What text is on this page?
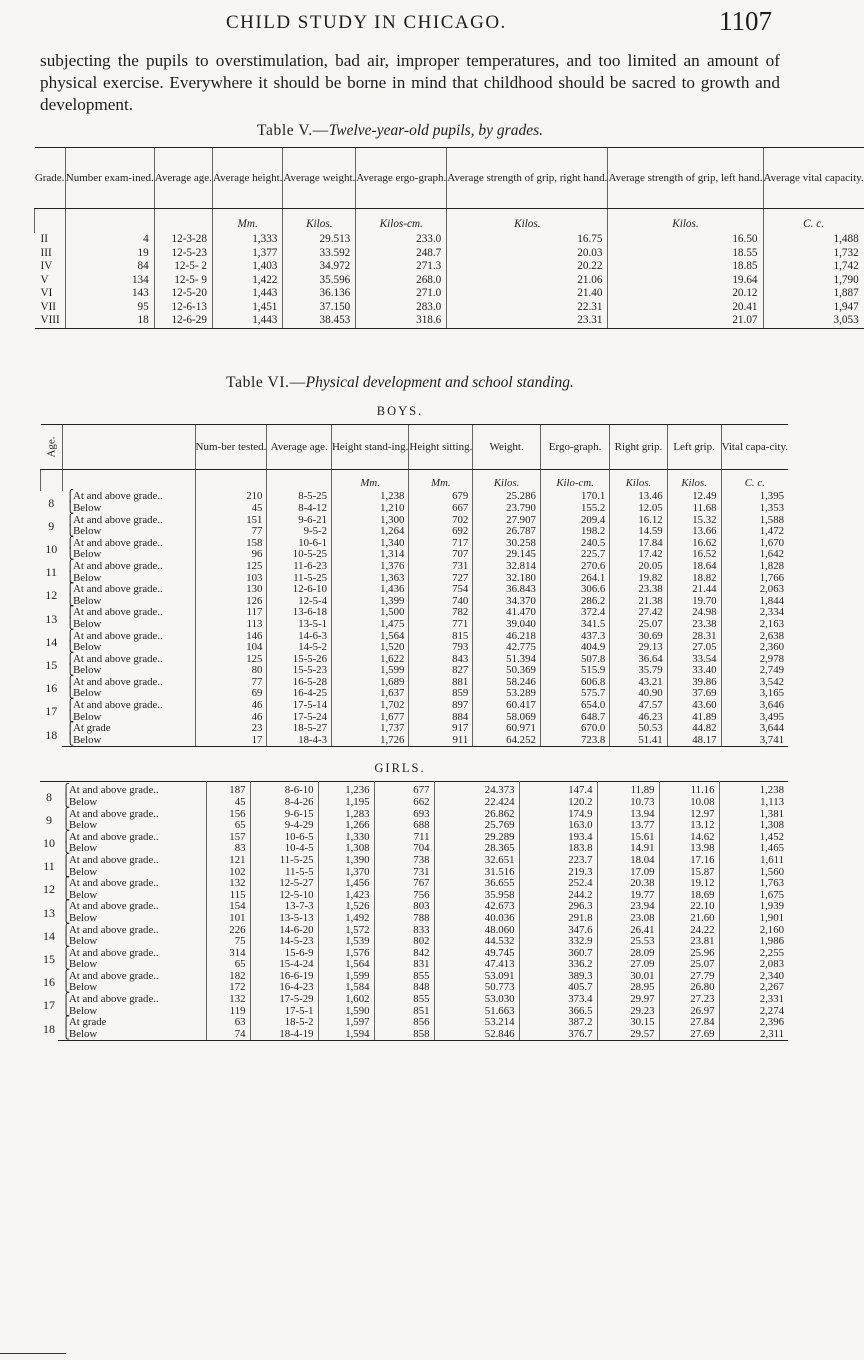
CHILD STUDY IN CHICAGO.	1107

subjecting the pupils to overstimulation, bad air, improper temperatures, and too limited an amount of physical exercise. Everywhere it should be borne in mind that childhood should be sacred to growth and development.

Table V.—Twelve-year-old pupils, by grades.
Grade.	Number exam-ined.	Average age.	Average height.	Average weight.	Average ergo-graph.	Average strength of grip, right hand.	Average strength of grip, left hand.	Average vital capacity.
			Mm.	Kilos.	Kilos-cm.	Kilos.	Kilos.	C. c.
II	4	12-3-28	1,333	29.513	233.0	16.75	16.50	1,488
III	19	12-5-23	1,377	33.592	248.7	20.03	18.55	1,732
IV	84	12-5- 2	1,403	34.972	271.3	20.22	18.85	1,742
V	134	12-5- 9	1,422	35.596	268.0	21.06	19.64	1,790
VI	143	12-5-20	1,443	36.136	271.0	21.40	20.12	1,887
VII	95	12-6-13	1,451	37.150	283.0	22.31	20.41	1,947
VIII	18	12-6-29	1,443	38.453	318.6	23.31	21.07	3,053
Table VI.—Physical development and school standing.
BOYS.
Age.		Num-ber tested.	Average age.	Height stand-ing.	Height sitting.	Weight.	Ergo-graph.	Right grip.	Left grip.	Vital capa-city.
				Mm.	Mm.	Kilos.	Kilo-cm.	Kilos.	Kilos.	C. c.
8	⎧At and above grade..	210	8-5-25	1,238	679	25.286	170.1	13.46	12.49	1,395
	⎩Below	45	8-4-12	1,210	667	23.790	155.2	12.05	11.68	1,353
9	⎧At and above grade..	151	9-6-21	1,300	702	27.907	209.4	16.12	15.32	1,588
	⎩Below	77	9-5-2	1,264	692	26.787	198.2	14.59	13.66	1,472
10	⎧At and above grade..	158	10-6-1	1,340	717	30.258	240.5	17.84	16.62	1,670
	⎩Below	96	10-5-25	1,314	707	29.145	225.7	17.42	16.52	1,642
11	⎧At and above grade..	125	11-6-23	1,376	731	32.814	270.6	20.05	18.64	1,828
	⎩Below	103	11-5-25	1,363	727	32.180	264.1	19.82	18.82	1,766
12	⎧At and above grade..	130	12-6-10	1,436	754	36.843	306.6	23.38	21.44	2,063
	⎩Below	126	12-5-4	1,399	740	34.370	286.2	21.38	19.70	1,844
13	⎧At and above grade..	117	13-6-18	1,500	782	41.470	372.4	27.42	24.98	2,334
	⎩Below	113	13-5-1	1,475	771	39.040	341.5	25.07	23.38	2,163
14	⎧At and above grade..	146	14-6-3	1,564	815	46.218	437.3	30.69	28.31	2,638
	⎩Below	104	14-5-2	1,520	793	42.775	404.9	29.13	27.05	2,360
15	⎧At and above grade..	125	15-5-26	1,622	843	51.394	507.8	36.64	33.54	2,978
	⎩Below	80	15-5-23	1,599	827	50.369	515.9	35.79	33.40	2,749
16	⎧At and above grade..	77	16-5-28	1,689	881	58.246	606.8	43.21	39.86	3,542
	⎩Below	69	16-4-25	1,637	859	53.289	575.7	40.90	37.69	3,165
17	⎧At and above grade..	46	17-5-14	1,702	897	60.417	654.0	47.57	43.60	3,646
	⎩Below	46	17-5-24	1,677	884	58.069	648.7	46.23	41.89	3,495
18	⎧At grade	23	18-5-27	1,737	917	60.971	670.0	50.53	44.82	3,644
	⎩Below	17	18-4-3	1,726	911	64.252	723.8	51.41	48.17	3,741
GIRLS.
8	⎧At and above grade..	187	8-6-10	1,236	677	24.373	147.4	11.89	11.16	1,238
	⎩Below	45	8-4-26	1,195	662	22.424	120.2	10.73	10.08	1,113
9	⎧At and above grade..	156	9-6-15	1,283	693	26.862	174.9	13.94	12.97	1,381
	⎩Below	65	9-4-29	1,266	688	25.769	163.0	13.77	13.12	1,308
10	⎧At and above grade..	157	10-6-5	1,330	711	29.289	193.4	15.61	14.62	1,452
	⎩Below	83	10-4-5	1,308	704	28.365	183.8	14.91	13.98	1,465
11	⎧At and above grade..	121	11-5-25	1,390	738	32.651	223.7	18.04	17.16	1,611
	⎩Below	102	11-5-5	1,370	731	31.516	219.3	17.09	15.87	1,560
12	⎧At and above grade..	132	12-5-27	1,456	767	36.655	252.4	20.38	19.12	1,763
	⎩Below	115	12-5-10	1,423	756	35.958	244.2	19.77	18.69	1,675
13	⎧At and above grade..	154	13-7-3	1,526	803	42.673	296.3	23.94	22.10	1,939
	⎩Below	101	13-5-13	1,492	788	40.036	291.8	23.08	21.60	1,901
14	⎧At and above grade..	226	14-6-20	1,572	833	48.060	347.6	26.41	24.22	2,160
	⎩Below	75	14-5-23	1,539	802	44.532	332.9	25.53	23.81	1,986
15	⎧At and above grade..	314	15-6-9	1,576	842	49.745	360.7	28.09	25.96	2,255
	⎩Below	65	15-4-24	1,564	831	47.413	336.2	27.09	25.07	2,083
16	⎧At and above grade..	182	16-6-19	1,599	855	53.091	389.3	30.01	27.79	2,340
	⎩Below	172	16-4-23	1,584	848	50.773	405.7	28.95	26.80	2,267
17	⎧At and above grade..	132	17-5-29	1,602	855	53.030	373.4	29.97	27.23	2,331
	⎩Below	119	17-5-1	1,590	851	51.663	366.5	29.23	26.97	2,274
18	⎧At grade	63	18-5-2	1,597	856	53.214	387.2	30.15	27.84	2,396
	⎩Below	74	18-4-19	1,594	858	52.846	376.7	29.57	27.69	2,311
